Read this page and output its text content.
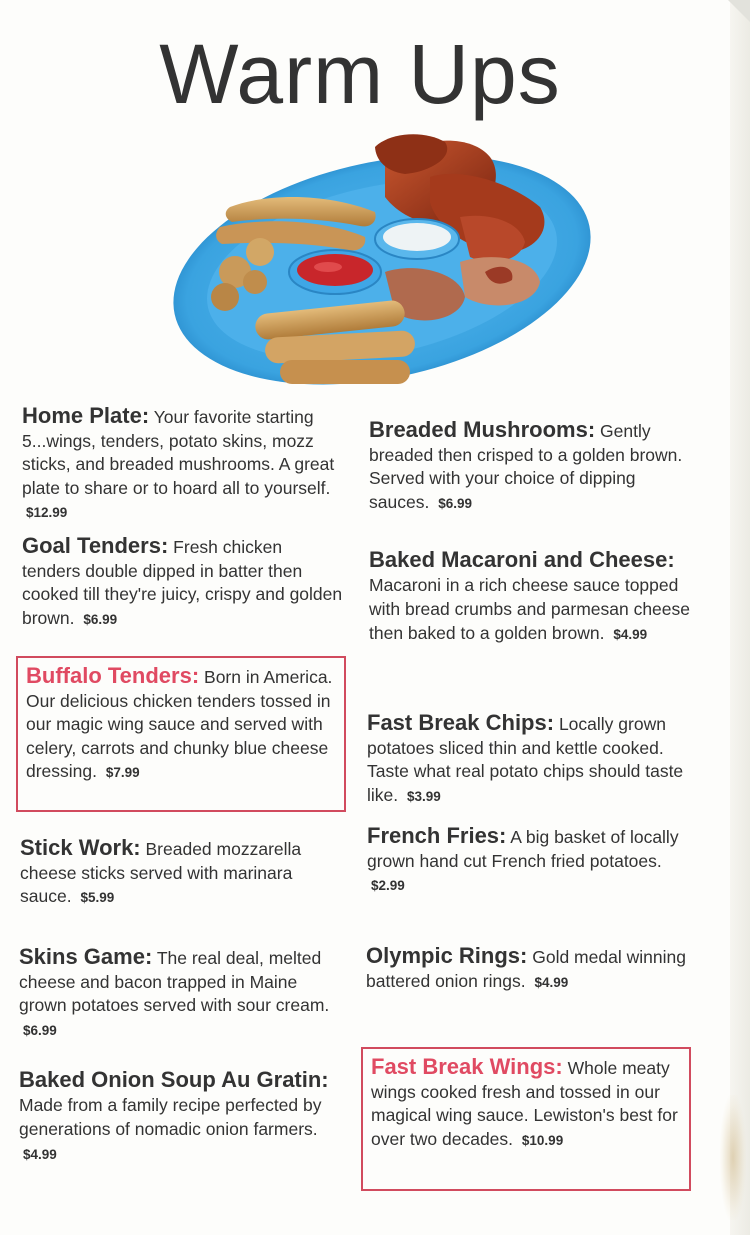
Warm Ups
Home Plate: Your favorite starting 5...wings, tenders, potato skins, mozz sticks, and breaded mushrooms. A great plate to share or to hoard all to yourself. $12.99
Goal Tenders: Fresh chicken tenders double dipped in batter then cooked till they're juicy, crispy and golden brown. $6.99
Buffalo Tenders: Born in America. Our delicious chicken tenders tossed in our magic wing sauce and served with celery, carrots and chunky blue cheese dressing. $7.99
Stick Work: Breaded mozzarella cheese sticks served with marinara sauce. $5.99
Skins Game: The real deal, melted cheese and bacon trapped in Maine grown potatoes served with sour cream. $6.99
Baked Onion Soup Au Gratin: Made from a family recipe perfected by generations of nomadic onion farmers. $4.99
Breaded Mushrooms: Gently breaded then crisped to a golden brown. Served with your choice of dipping sauces. $6.99
Baked Macaroni and Cheese: Macaroni in a rich cheese sauce topped with bread crumbs and parmesan cheese then baked to a golden brown. $4.99
Fast Break Chips: Locally grown potatoes sliced thin and kettle cooked. Taste what real potato chips should taste like. $3.99
French Fries: A big basket of locally grown hand cut French fried potatoes. $2.99
Olympic Rings: Gold medal winning battered onion rings. $4.99
Fast Break Wings: Whole meaty wings cooked fresh and tossed in our magical wing sauce. Lewiston's best for over two decades. $10.99
